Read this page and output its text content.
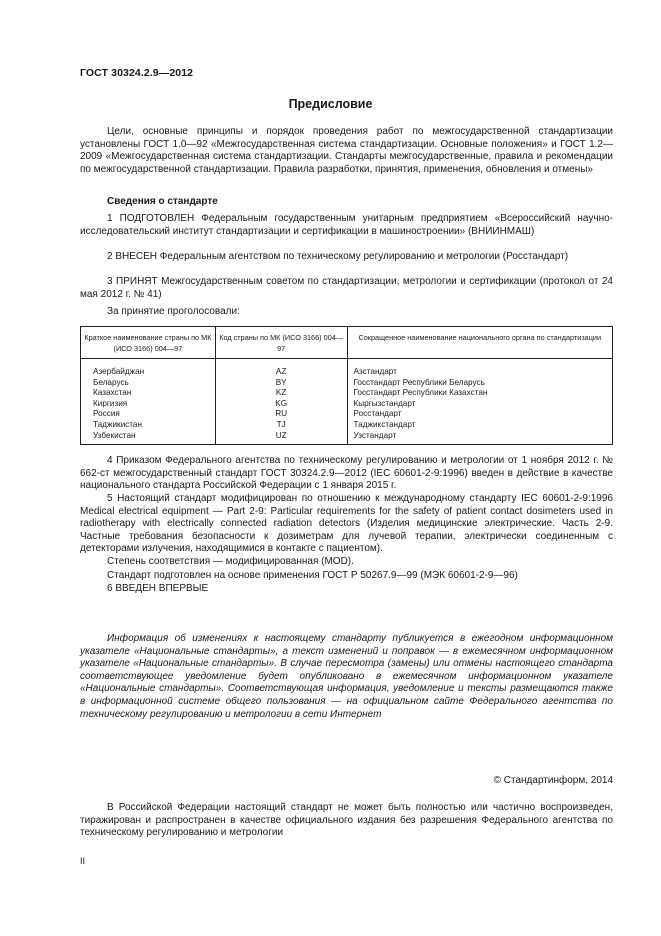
ГОСТ 30324.2.9—2012
Предисловие
Цели, основные принципы и порядок проведения работ по межгосударственной стандартизации установлены ГОСТ 1.0—92 «Межгосударственная система стандартизации. Основные положения» и ГОСТ 1.2—2009 «Межгосударственная система стандартизации. Стандарты межгосударственные, правила и рекомендации по межгосударственной стандартизации. Правила разработки, принятия, применения, обновления и отмены»
Сведения о стандарте
1 ПОДГОТОВЛЕН Федеральным государственным унитарным предприятием «Всероссийский научно-исследовательский институт стандартизации и сертификации в машиностроении» (ВНИИНМАШ)
2 ВНЕСЕН Федеральным агентством по техническому регулированию и метрологии (Росстандарт)
3 ПРИНЯТ Межгосударственным советом по стандартизации, метрологии и сертификации (протокол от 24 мая 2012 г. № 41)
За принятие проголосовали:
Краткое наименование страны по МК (ИСО 3166) 004—97	Код страны по МК (ИСО 3166) 004—97	Сокращенное наименование национального органа по стандартизации
Азербайджан	AZ	Азстандарт
Беларусь	BY	Госстандарт Республики Беларусь
Казахстан	KZ	Госстандарт Республики Казахстан
Киргизия	KG	Кыргызстандарт
Россия	RU	Росстандарт
Таджикистан	TJ	Таджикстандарт
Узбекистан	UZ	Узстандарт
4 Приказом Федерального агентства по техническому регулированию и метрологии от 1 ноября 2012 г. № 662-ст межгосударственный стандарт ГОСТ 30324.2.9—2012 (IEC 60601-2-9:1996) введен в действие в качестве национального стандарта Российской Федерации с 1 января 2015 г.
5 Настоящий стандарт модифицирован по отношению к международному стандарту IEC 60601-2-9:1996 Medical electrical equipment — Part 2-9: Particular requirements for the safety of patient contact dosimeters used in radiotherapy with electrically connected radiation detectors (Изделия медицинские электрические. Часть 2-9. Частные требования безопасности к дозиметрам для лучевой терапии, электрически соединенным с детекторами излучения, находящимися в контакте с пациентом).
Степень соответствия — модифицированная (MOD).
Стандарт подготовлен на основе применения ГОСТ Р 50267.9—99 (МЭК 60601-2-9—96)
6 ВВЕДЕН ВПЕРВЫЕ
Информация об изменениях к настоящему стандарту публикуется в ежегодном информационном указателе «Национальные стандарты», а текст изменений и поправок — в ежемесячном информационном указателе «Национальные стандарты». В случае пересмотра (замены) или отмены настоящего стандарта соответствующее уведомление будет опубликовано в ежемесячном информационном указателе «Национальные стандарты». Соответствующая информация, уведомление и тексты размещаются также в информационной системе общего пользования — на официальном сайте Федерального агентства по техническому регулированию и метрологии в сети Интернет
© Стандартинформ, 2014
В Российской Федерации настоящий стандарт не может быть полностью или частично воспроизведен, тиражирован и распространен в качестве официального издания без разрешения Федерального агентства по техническому регулированию и метрологии
II
